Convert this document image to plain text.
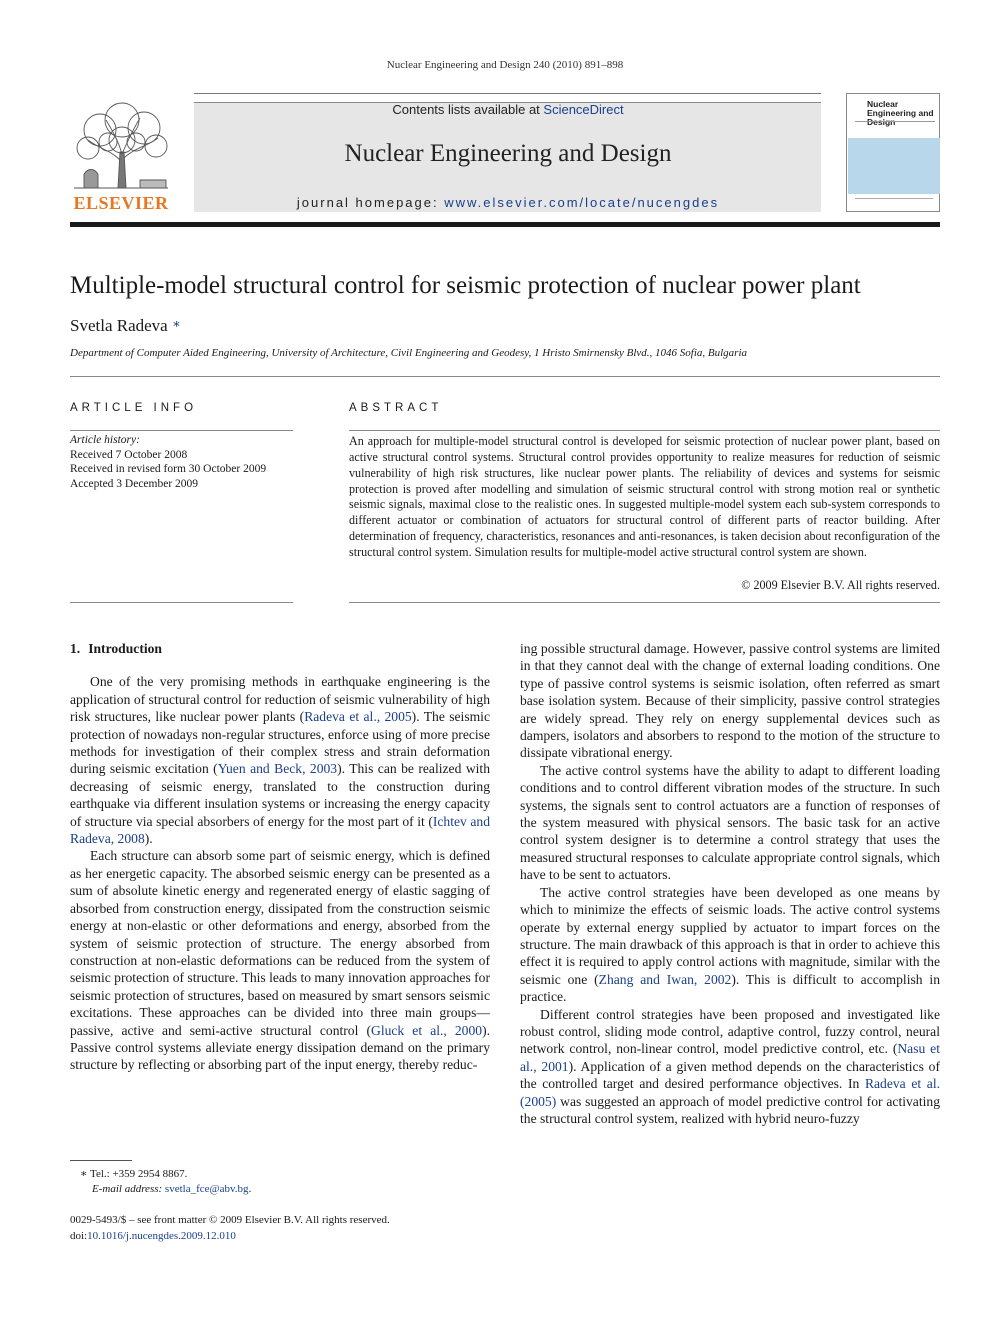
Nuclear Engineering and Design 240 (2010) 891–898
ELSEVIER
Contents lists available at ScienceDirect
Nuclear Engineering and Design
journal homepage: www.elsevier.com/locate/nucengdes
Nuclear Engineering and Design
Multiple-model structural control for seismic protection of nuclear power plant
Svetla Radeva ∗
Department of Computer Aided Engineering, University of Architecture, Civil Engineering and Geodesy, 1 Hristo Smirnensky Blvd., 1046 Sofia, Bulgaria
ARTICLE INFO	ABSTRACT
Article history:
Received 7 October 2008
Received in revised form 30 October 2009
Accepted 3 December 2009
An approach for multiple-model structural control is developed for seismic protection of nuclear power plant, based on active structural control systems. Structural control provides opportunity to realize measures for reduction of seismic vulnerability of high risk structures, like nuclear power plants. The reliability of devices and systems for seismic protection is proved after modelling and simulation of seismic structural control with strong motion real or synthetic seismic signals, maximal close to the realistic ones. In suggested multiple-model system each sub-system corresponds to different actuator or combination of actuators for structural control of different parts of reactor building. After determination of frequency, characteristics, resonances and anti-resonances, is taken decision about reconfiguration of the structural control system. Simulation results for multiple-model active structural control system are shown.
© 2009 Elsevier B.V. All rights reserved.
1. Introduction

One of the very promising methods in earthquake engineering is the application of structural control for reduction of seismic vulnerability of high risk structures, like nuclear power plants (Radeva et al., 2005). The seismic protection of nowadays non-regular structures, enforce using of more precise methods for investigation of their complex stress and strain deformation during seismic excitation (Yuen and Beck, 2003). This can be realized with decreasing of seismic energy, translated to the construction during earthquake via different insulation systems or increasing the energy capacity of structure via special absorbers of energy for the most part of it (Ichtev and Radeva, 2008).

Each structure can absorb some part of seismic energy, which is defined as her energetic capacity. The absorbed seismic energy can be presented as a sum of absolute kinetic energy and regenerated energy of elastic sagging of absorbed from construction energy, dissipated from the construction seismic energy at non-elastic or other deformations and energy, absorbed from the system of seismic protection of structure. The energy absorbed from construction at non-elastic deformations can be reduced from the system of seismic protection of structure. This leads to many innovation approaches for seismic protection of structures, based on measured by smart sensors seismic excitations. These approaches can be divided into three main groups—passive, active and semi-active structural control (Gluck et al., 2000). Passive control systems alleviate energy dissipation demand on the primary structure by reflecting or absorbing part of the input energy, thereby reduc-

ing possible structural damage. However, passive control systems are limited in that they cannot deal with the change of external loading conditions. One type of passive control systems is seismic isolation, often referred as smart base isolation system. Because of their simplicity, passive control strategies are widely spread. They rely on energy supplemental devices such as dampers, isolators and absorbers to respond to the motion of the structure to dissipate vibrational energy.

The active control systems have the ability to adapt to different loading conditions and to control different vibration modes of the structure. In such systems, the signals sent to control actuators are a function of responses of the system measured with physical sensors. The basic task for an active control system designer is to determine a control strategy that uses the measured structural responses to calculate appropriate control signals, which have to be sent to actuators.

The active control strategies have been developed as one means by which to minimize the effects of seismic loads. The active control systems operate by external energy supplied by actuator to impart forces on the structure. The main drawback of this approach is that in order to achieve this effect it is required to apply control actions with magnitude, similar with the seismic one (Zhang and Iwan, 2002). This is difficult to accomplish in practice.

Different control strategies have been proposed and investigated like robust control, sliding mode control, adaptive control, fuzzy control, neural network control, non-linear control, model predictive control, etc. (Nasu et al., 2001). Application of a given method depends on the characteristics of the controlled target and desired performance objectives. In Radeva et al. (2005) was suggested an approach of model predictive control for activating the structural control system, realized with hybrid neuro-fuzzy

∗ Tel.: +359 2954 8867.
E-mail address: svetla_fce@abv.bg.
0029-5493/$ – see front matter © 2009 Elsevier B.V. All rights reserved.
doi:10.1016/j.nucengdes.2009.12.010
